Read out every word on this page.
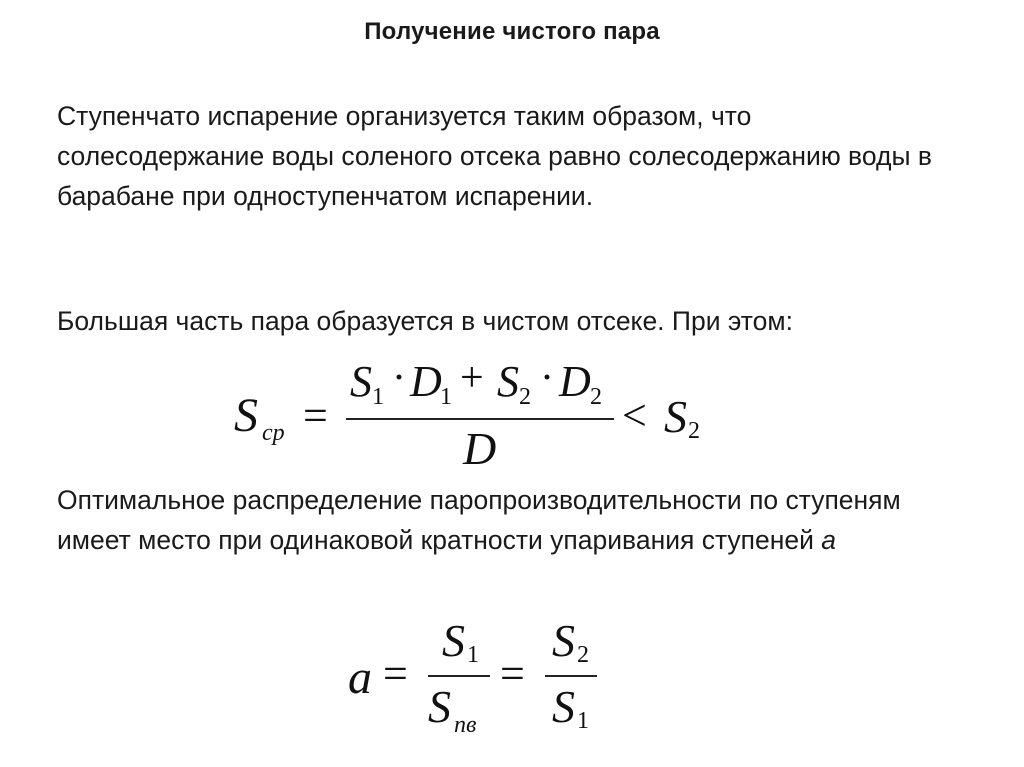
Получение чистого пара

Ступенчато испарение организуется таким образом, что солесодержание воды соленого отсека равно солесодержанию воды в барабане при одноступенчатом испарении.

Большая часть пара образуется в чистом отсеке. При этом:

S ср =
S 1 · D
1 + S 2 · D 2
D
< S 2

Оптимальное распределение паропроизводительности по ступеням имеет место при одинаковой кратности упаривания ступеней а

a =
S 1
S пв
=
S 2
S 1
